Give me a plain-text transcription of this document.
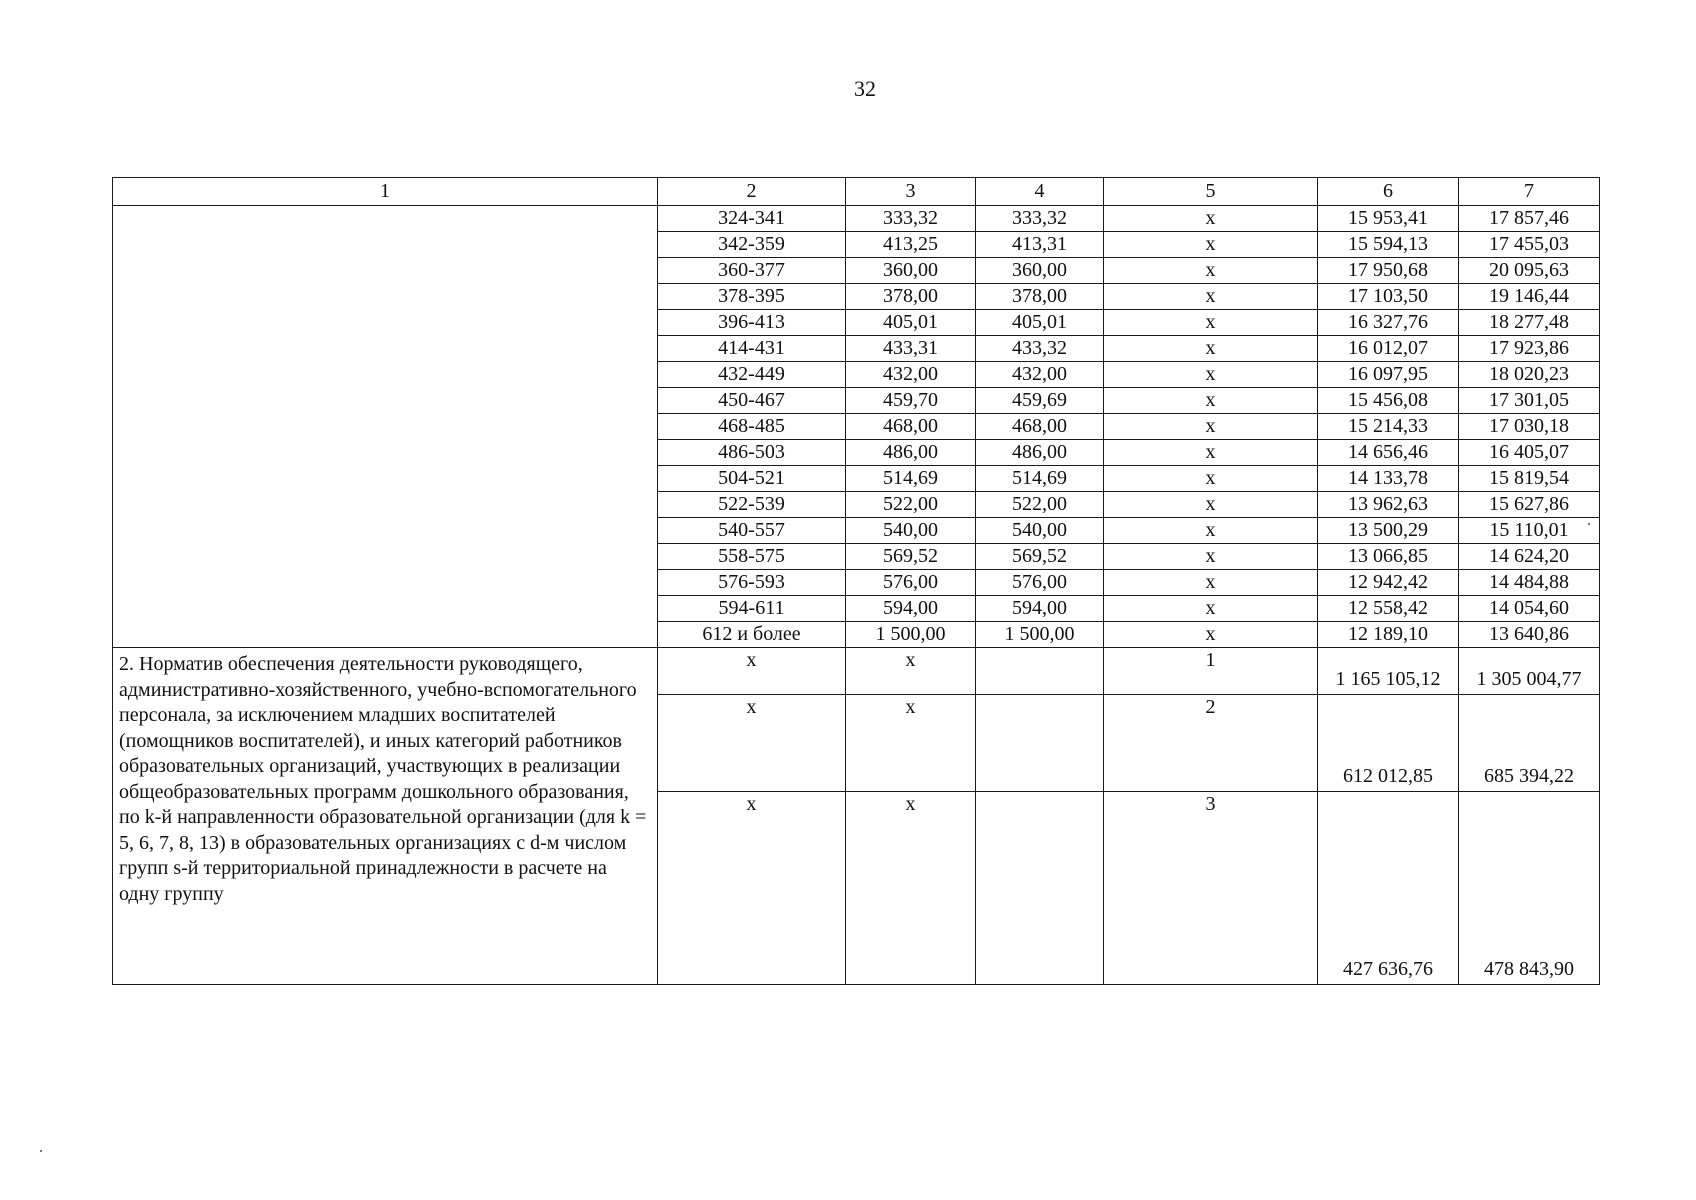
32
1	2	3	4	5	6	7
	324-341	333,32	333,32	x	15 953,41	17 857,46
	342-359	413,25	413,31	x	15 594,13	17 455,03
	360-377	360,00	360,00	x	17 950,68	20 095,63
	378-395	378,00	378,00	x	17 103,50	19 146,44
	396-413	405,01	405,01	x	16 327,76	18 277,48
	414-431	433,31	433,32	x	16 012,07	17 923,86
	432-449	432,00	432,00	x	16 097,95	18 020,23
	450-467	459,70	459,69	x	15 456,08	17 301,05
	468-485	468,00	468,00	x	15 214,33	17 030,18
	486-503	486,00	486,00	x	14 656,46	16 405,07
	504-521	514,69	514,69	x	14 133,78	15 819,54
	522-539	522,00	522,00	x	13 962,63	15 627,86
	540-557	540,00	540,00	x	13 500,29	15 110,01
	558-575	569,52	569,52	x	13 066,85	14 624,20
	576-593	576,00	576,00	x	12 942,42	14 484,88
	594-611	594,00	594,00	x	12 558,42	14 054,60
	612 и более	1 500,00	1 500,00	x	12 189,10	13 640,86
2. Норматив обеспечения деятельности руководящего, административно-хозяйственного, учебно-вспомогательного персонала, за исключением младших воспитателей (помощников воспитателей), и иных категорий работников образовательных организаций, участвующих в реализации общеобразовательных программ дошкольного образования, по k-й направленности образовательной организации (для k = 5, 6, 7, 8, 13) в образовательных организациях с d-м числом групп s-й территориальной принадлежности в расчете на одну группу	x	x		1	1 165 105,12	1 305 004,77
	x	x		2	612 012,85	685 394,22
	x	x		3	427 636,76	478 843,90
